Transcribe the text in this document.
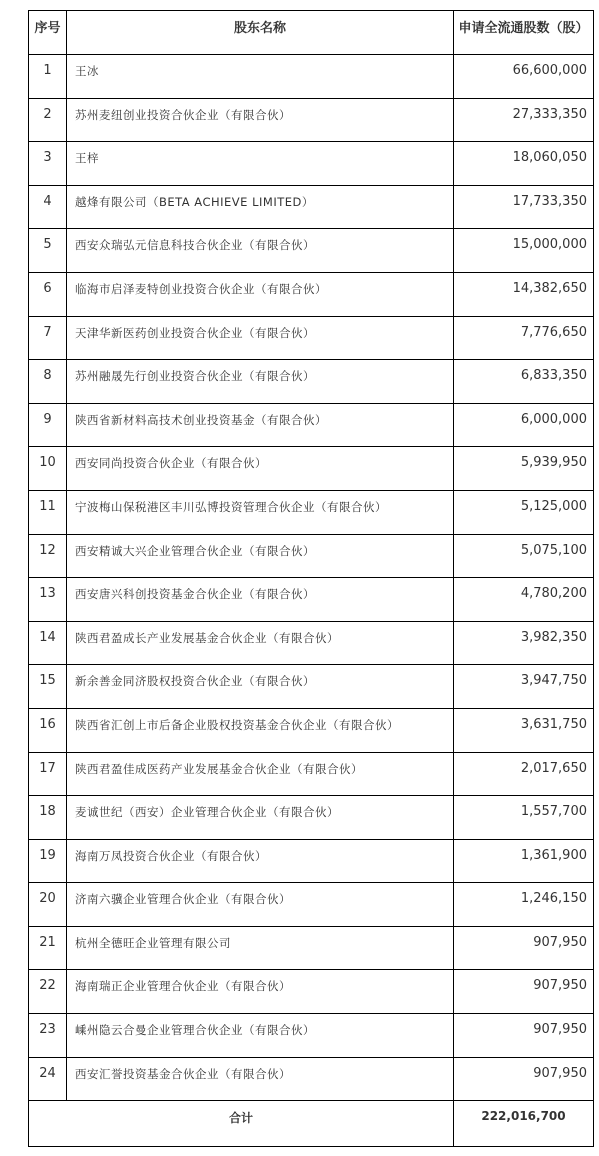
序号	股东名称	申请全流通股数（股）
1	王冰	66,600,000
2	苏州麦纽创业投资合伙企业（有限合伙）	27,333,350
3	王梓	18,060,050
4	越烽有限公司（BETA ACHIEVE LIMITED）	17,733,350
5	西安众瑞弘元信息科技合伙企业（有限合伙）	15,000,000
6	临海市启泽麦特创业投资合伙企业（有限合伙）	14,382,650
7	天津华新医药创业投资合伙企业（有限合伙）	7,776,650
8	苏州融晟先行创业投资合伙企业（有限合伙）	6,833,350
9	陕西省新材料高技术创业投资基金（有限合伙）	6,000,000
10	西安同尚投资合伙企业（有限合伙）	5,939,950
11	宁波梅山保税港区丰川弘博投资管理合伙企业（有限合伙）	5,125,000
12	西安精诚大兴企业管理合伙企业（有限合伙）	5,075,100
13	西安唐兴科创投资基金合伙企业（有限合伙）	4,780,200
14	陕西君盈成长产业发展基金合伙企业（有限合伙）	3,982,350
15	新余善金同济股权投资合伙企业（有限合伙）	3,947,750
16	陕西省汇创上市后备企业股权投资基金合伙企业（有限合伙）	3,631,750
17	陕西君盈佳成医药产业发展基金合伙企业（有限合伙）	2,017,650
18	麦诚世纪（西安）企业管理合伙企业（有限合伙）	1,557,700
19	海南万凤投资合伙企业（有限合伙）	1,361,900
20	济南六骥企业管理合伙企业（有限合伙）	1,246,150
21	杭州全德旺企业管理有限公司	907,950
22	海南瑞正企业管理合伙企业（有限合伙）	907,950
23	嵊州隐云合曼企业管理合伙企业（有限合伙）	907,950
24	西安汇誉投资基金合伙企业（有限合伙）	907,950
合计		222,016,700
